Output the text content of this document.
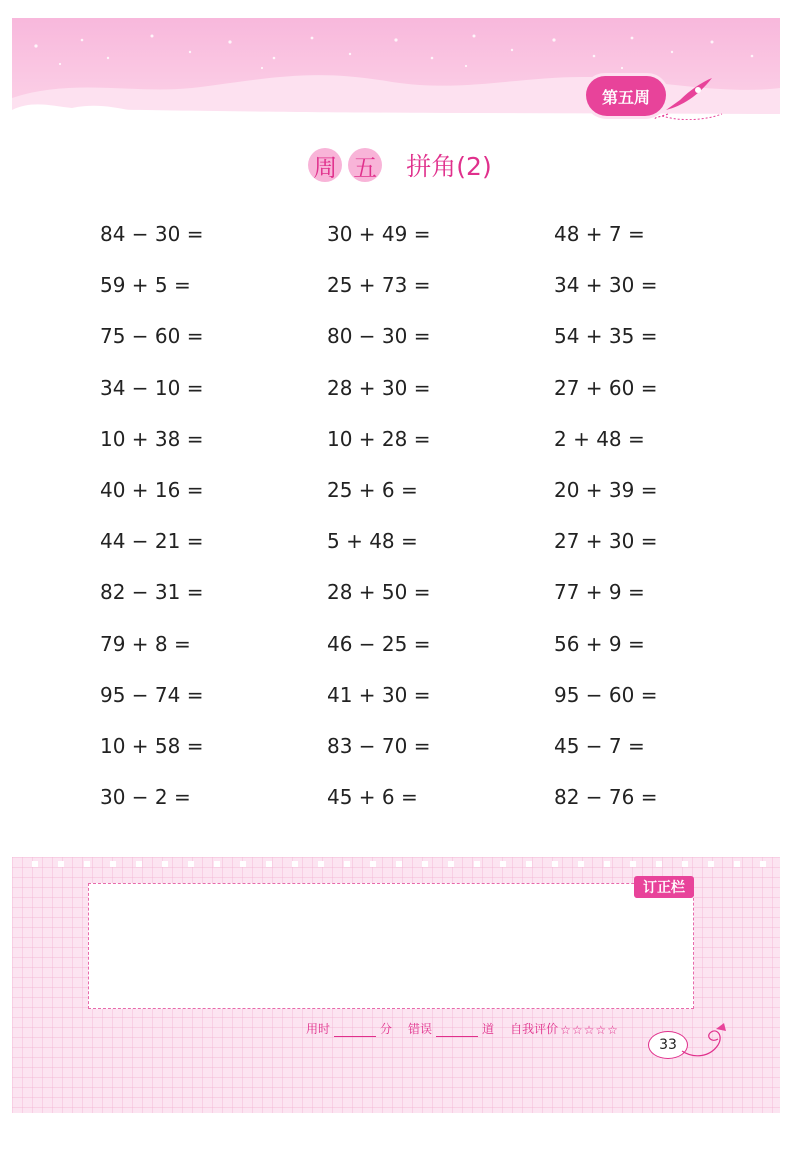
第五周
周 五 拼角(2)
84 − 30 =	30 + 49 =	48 + 7 =
59 + 5 =	25 + 73 =	34 + 30 =
75 − 60 =	80 − 30 =	54 + 35 =
34 − 10 =	28 + 30 =	27 + 60 =
10 + 38 =	10 + 28 =	2 + 48 =
40 + 16 =	25 + 6 =	20 + 39 =
44 − 21 =	5 + 48 =	27 + 30 =
82 − 31 =	28 + 50 =	77 + 9 =
79 + 8 =	46 − 25 =	56 + 9 =
95 − 74 =	41 + 30 =	95 − 60 =
10 + 58 =	83 − 70 =	45 − 7 =
30 − 2 =	45 + 6 =	82 − 76 =
订正栏
用时	分 错误	道 自我评价 ☆☆☆☆☆
33
